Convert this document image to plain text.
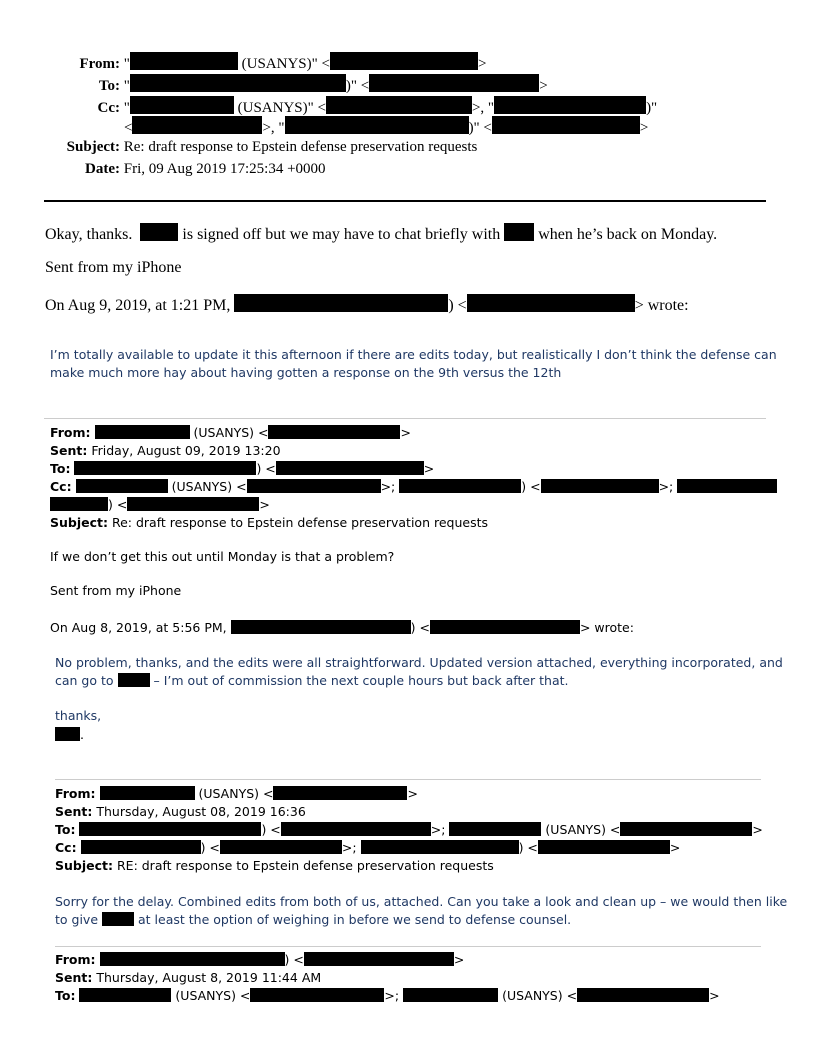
From: "	(USANYS)" <	>
To: "	)" <	>
Cc: "	(USANYS)" <	>, "	)"
<	>, "	)" <	>
Subject: Re: draft response to Epstein defense preservation requests
Date: Fri, 09 Aug 2019 17:25:34 +0000
Okay, thanks.	is signed off but we may have to chat briefly with when he’s back on Monday.
Sent from my iPhone
On Aug 9, 2019, at 1:21 PM,	) <	> wrote:
I’m totally available to update it this afternoon if there are edits today, but realistically I don’t think the defense can
make much more hay about having gotten a response on the 9th versus the 12th
From:	(USANYS) <	>
Sent: Friday, August 09, 2019 13:20
To:	) <	>
Cc:	(USANYS) <	>;	) <	>;
) <	>
Subject: Re: draft response to Epstein defense preservation requests
If we don’t get this out until Monday is that a problem?
Sent from my iPhone
On Aug 8, 2019, at 5:56 PM,	) <	> wrote:
No problem, thanks, and the edits were all straightforward. Updated version attached, everything incorporated, and
can go to	– I’m out of commission the next couple hours but back after that.
thanks,
.
From:	(USANYS) <	>
Sent: Thursday, August 08, 2019 16:36
To:	) <	>;	(USANYS) <	>
Cc:	) <	>;	) <	>
Subject: RE: draft response to Epstein defense preservation requests
Sorry for the delay. Combined edits from both of us, attached. Can you take a look and clean up – we would then like
to give	at least the option of weighing in before we send to defense counsel.
From:	) <	>
Sent: Thursday, August 8, 2019 11:44 AM
To:	(USANYS) <	>;	(USANYS) <	>
